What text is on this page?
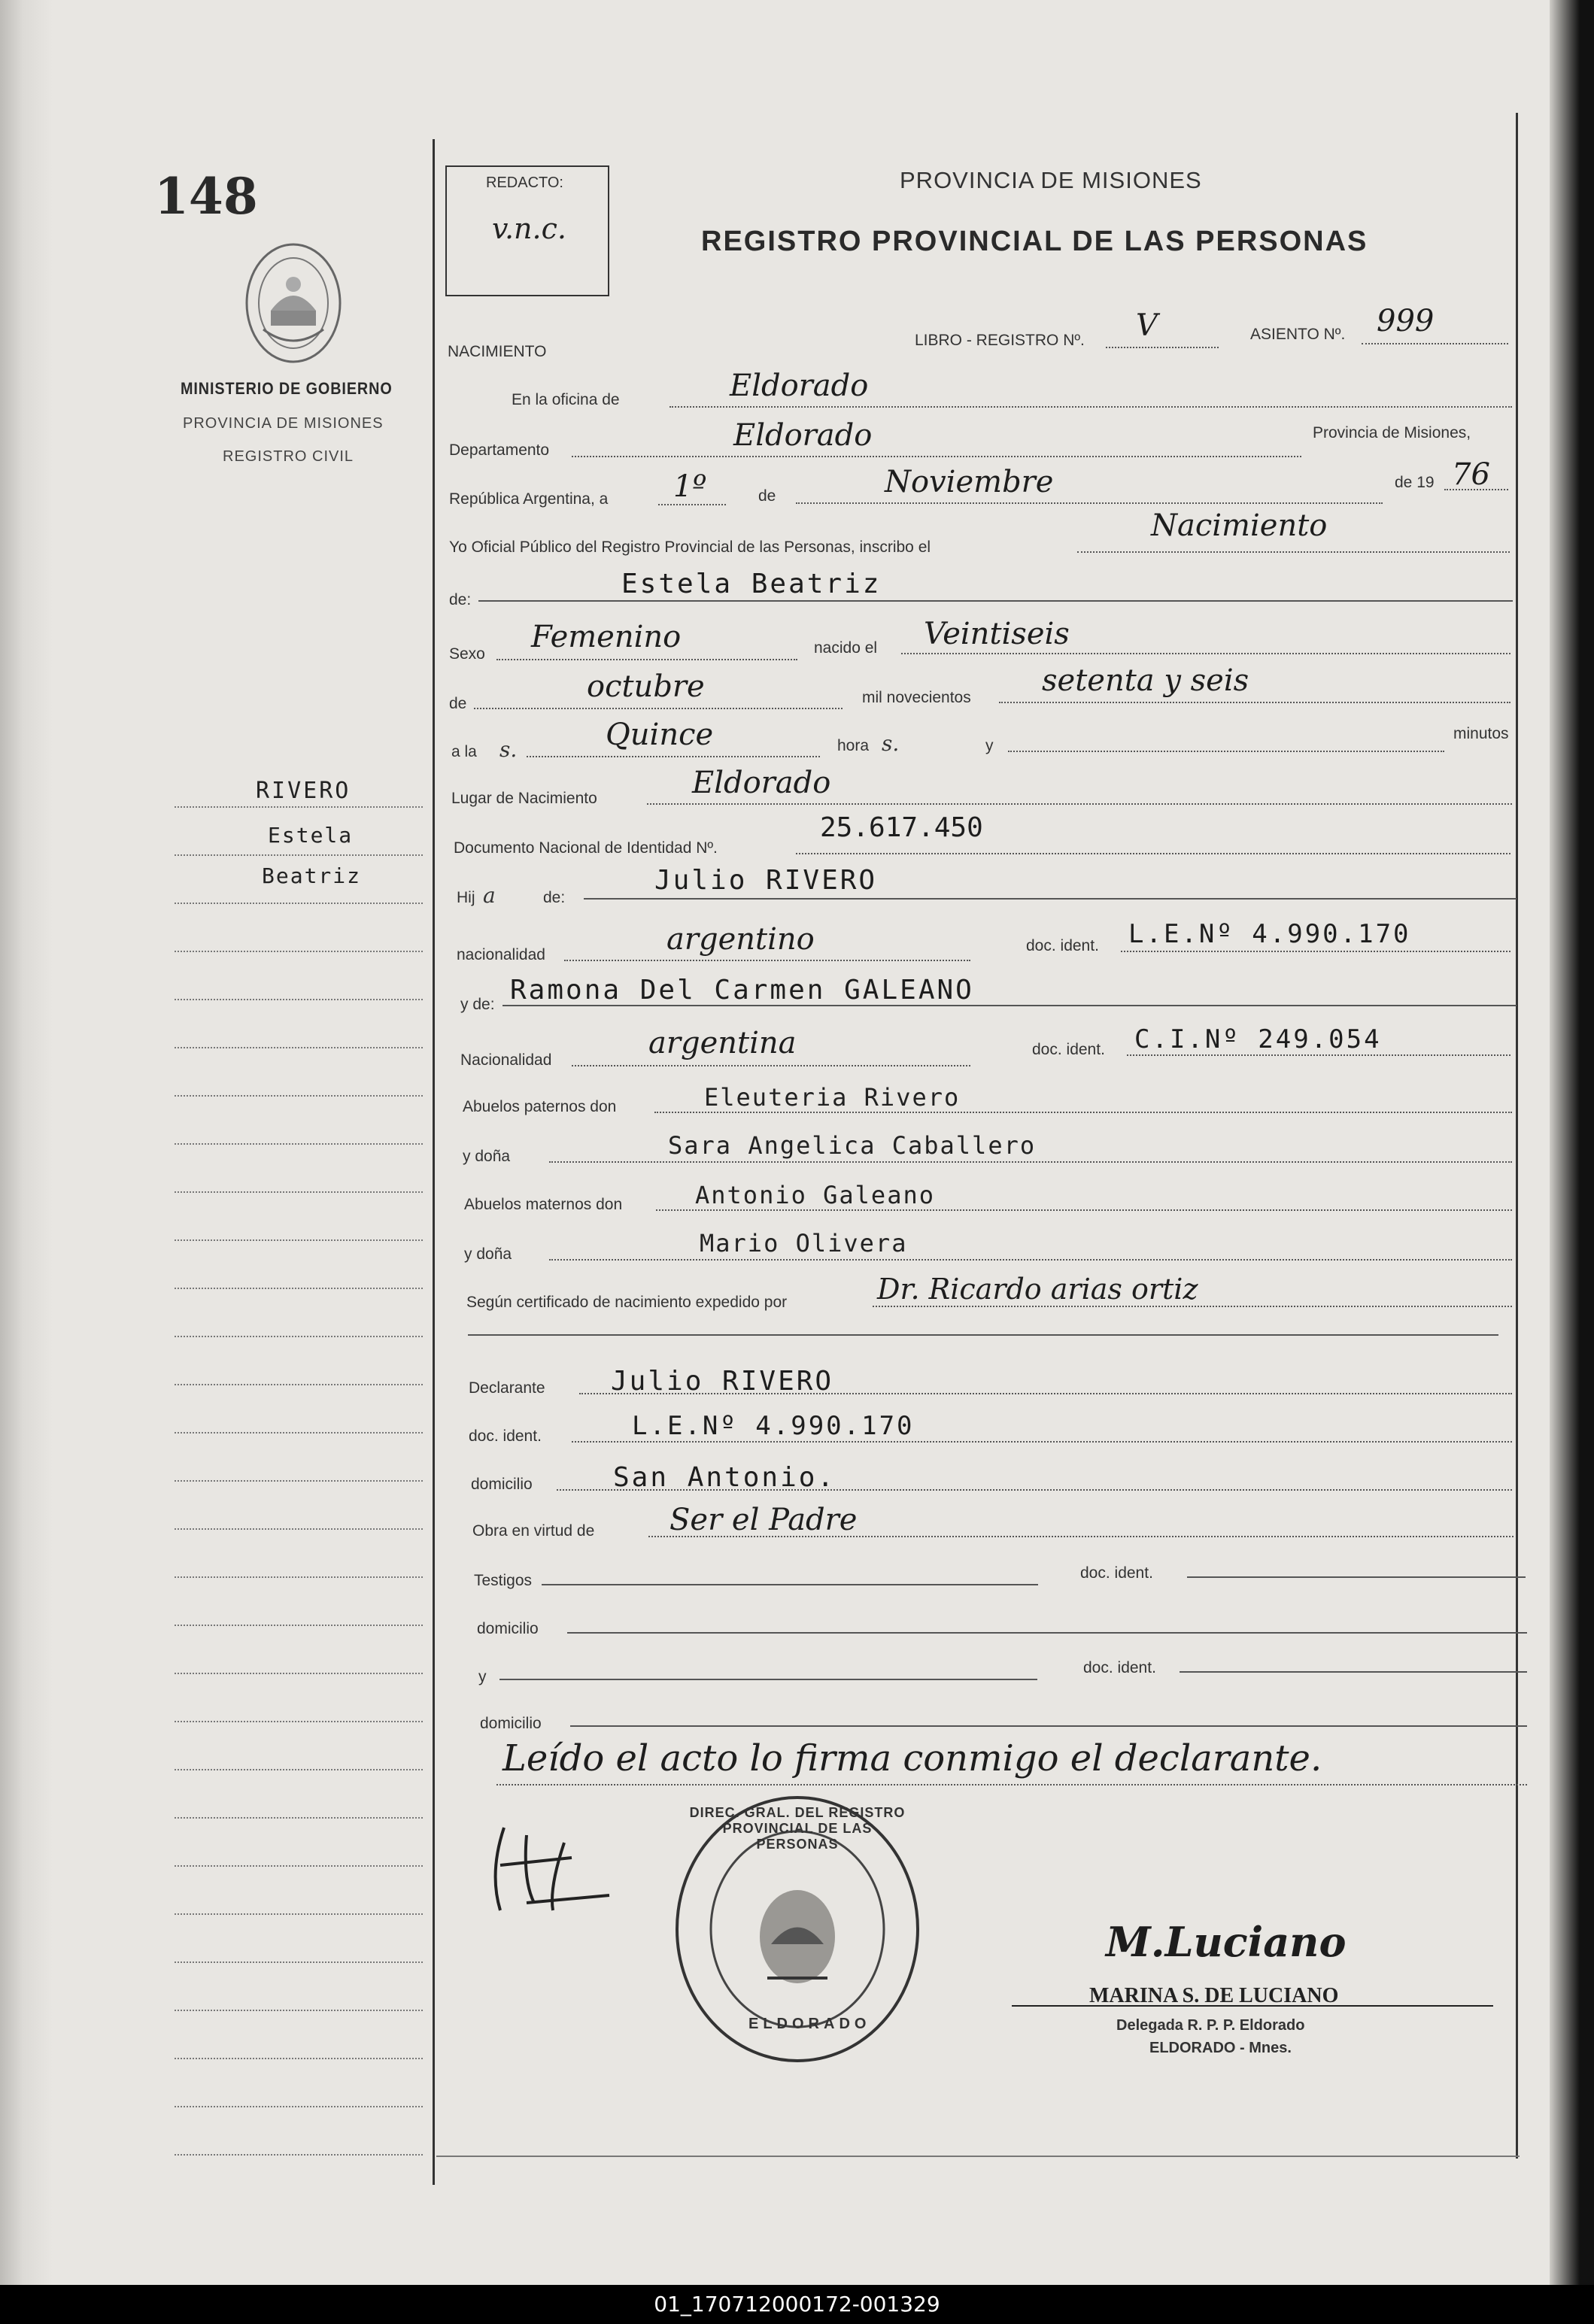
148
MINISTERIO DE GOBIERNO
PROVINCIA DE MISIONES
REGISTRO CIVIL
RIVERO
Estela
Beatriz
REDACTO:
v.n.c.
PROVINCIA DE MISIONES
REGISTRO PROVINCIAL DE LAS PERSONAS
NACIMIENTO
LIBRO - REGISTRO Nº. V	ASIENTO Nº. 999
En la oficina de	Eldorado
Departamento	Eldorado	Provincia de Misiones,
República Argentina, a 1º	de	Noviembre	de 19 76
Yo Oficial Público del Registro Provincial de las Personas, inscribo el
Nacimiento
de:
Estela Beatriz
Sexo Femenino	nacido el Veintiseis
de	octubre	mil novecientos setenta y seis
a la s.	Quince	hora s.	y
minutos
Lugar de Nacimiento	Eldorado
Documento Nacional de Identidad Nº.
25.617.450
Hij a	de:
Julio RIVERO
nacionalidad	argentino	doc. ident. L.E.Nº 4.990.170
y de: Ramona Del Carmen GALEANO
Nacionalidad	argentina	doc. ident. C.I.Nº 249.054
Abuelos paternos don	Eleuteria Rivero
y doña	Sara Angelica Caballero
Abuelos maternos don	Antonio Galeano
y doña	Mario Olivera
Según certificado de nacimiento expedido por	Dr. Ricardo arias ortiz
Declarante Julio RIVERO
doc. ident.	L.E.Nº 4.990.170
domicilio	San Antonio.
Obra en virtud de Ser el Padre
Testigos	doc. ident.
domicilio
y
doc. ident.
domicilio
Leído el acto lo firma conmigo el declarante.
DIREC. GRAL. DEL REGISTRO PROVINCIAL DE LAS PERSONAS
ELDORADO
M.Luciano
MARINA S. DE LUCIANO
Delegada R. P. P. Eldorado
ELDORADO - Mnes.
01_170712000172-001329
